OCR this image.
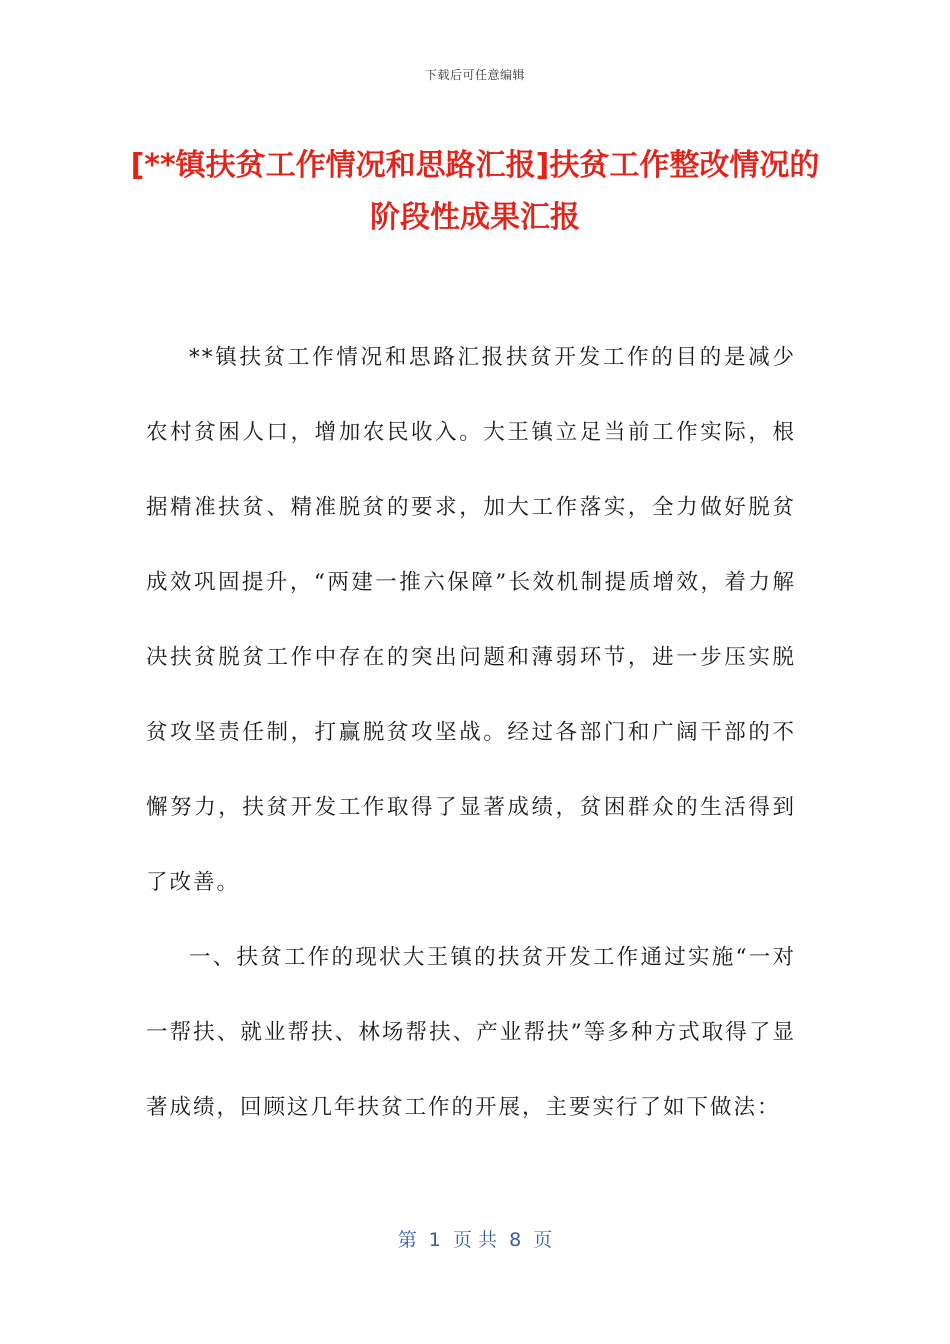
下载后可任意编辑
[**镇扶贫工作情况和思路汇报]扶贫工作整改情况的阶段性成果汇报

**镇扶贫工作情况和思路汇报扶贫开发工作的目的是减少农村贫困人口，增加农民收入。大王镇立足当前工作实际，根据精准扶贫、精准脱贫的要求，加大工作落实，全力做好脱贫成效巩固提升，“两建一推六保障”长效机制提质增效，着力解决扶贫脱贫工作中存在的突出问题和薄弱环节，进一步压实脱贫攻坚责任制，打赢脱贫攻坚战。经过各部门和广阔干部的不懈努力，扶贫开发工作取得了显著成绩，贫困群众的生活得到了改善。

一、扶贫工作的现状大王镇的扶贫开发工作通过实施“一对一帮扶、就业帮扶、林场帮扶、产业帮扶”等多种方式取得了显著成绩，回顾这几年扶贫工作的开展，主要实行了如下做法：

第  1  页 共  8  页
